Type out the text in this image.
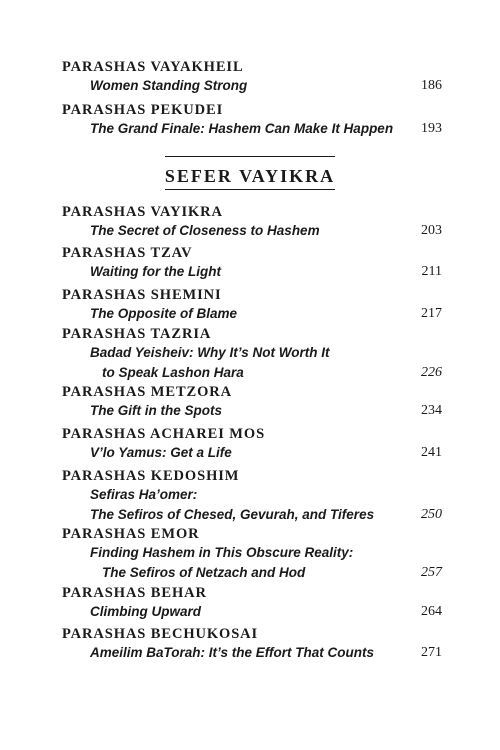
PARASHAS VAYAKHEIL
Women Standing Strong	186
PARASHAS PEKUDEI
The Grand Finale: Hashem Can Make It Happen	193
SEFER VAYIKRA
PARASHAS VAYIKRA
The Secret of Closeness to Hashem	203
PARASHAS TZAV
Waiting for the Light	211
PARASHAS SHEMINI
The Opposite of Blame	217
PARASHAS TAZRIA
Badad Yeisheiv: Why It’s Not Worth It
to Speak Lashon Hara	226
PARASHAS METZORA
The Gift in the Spots	234
PARASHAS ACHAREI MOS
V’lo Yamus: Get a Life	241
PARASHAS KEDOSHIM
Sefiras Ha’omer:
The Sefiros of Chesed, Gevurah, and Tiferes	250
PARASHAS EMOR
Finding Hashem in This Obscure Reality:
The Sefiros of Netzach and Hod	257
PARASHAS BEHAR
Climbing Upward	264
PARASHAS BECHUKOSAI
Ameilim BaTorah: It’s the Effort That Counts	271
